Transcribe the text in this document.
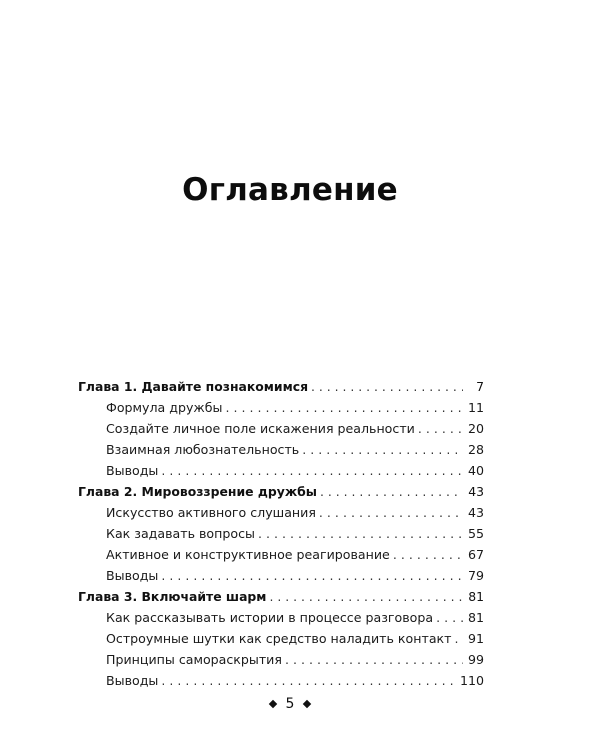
Оглавление
Глава 1. Давайте познакомимся . . .	7
Формула дружбы . . .	11
Создайте личное поле искажения реальности . . .	20
Взаимная любознательность . . .	28
Выводы . . .	40
Глава 2. Мировоззрение дружбы . . .	43
Искусство активного слушания . . .	43
Как задавать вопросы . . .	55
Активное и конструктивное реагирование . . .	67
Выводы . . .	79
Глава 3. Включайте шарм . . .	81
Как рассказывать истории в процессе разговора . . .	81
Остроумные шутки как средство наладить контакт . . . 91
Принципы самораскрытия . . .	99
Выводы . . .	110
5
